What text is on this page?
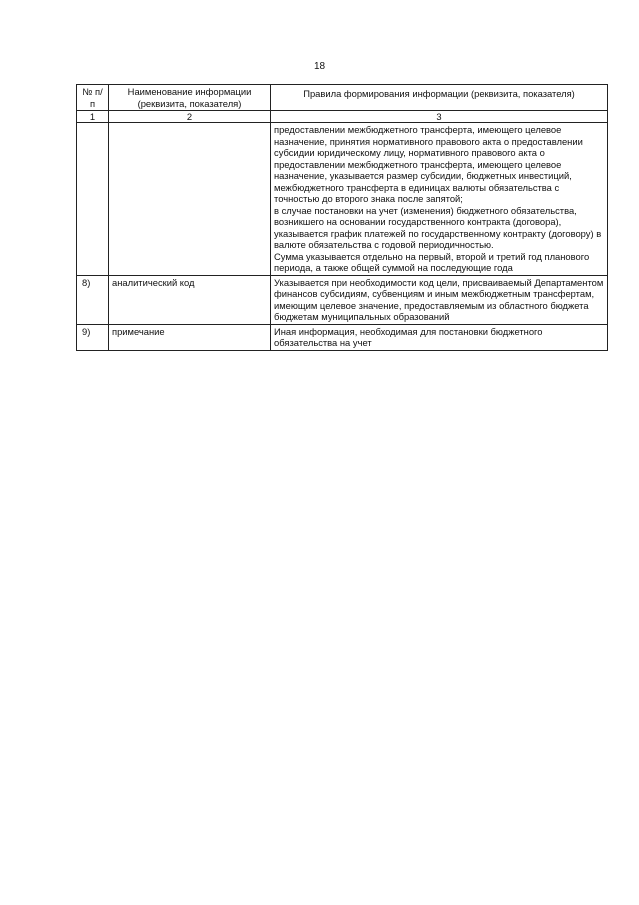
18
№ п/п	Наименование информации (реквизита, показателя)	Правила формирования информации (реквизита, показателя)
1	2	3

		предоставлении межбюджетного трансферта, имеющего целевое назначение, принятия нормативного правового акта о предоставлении субсидии юридическому лицу, нормативного правового акта о предоставлении межбюджетного трансферта, имеющего целевое назначение, указывается размер субсидии, бюджетных инвестиций, межбюджетного трансферта в единицах валюты обязательства с точностью до второго знака после запятой;
в случае постановки на учет (изменения) бюджетного обязательства, возникшего на основании государственного контракта (договора), указывается график платежей по государственному контракту (договору) в валюте обязательства с годовой периодичностью.
Сумма указывается отдельно на первый, второй и третий год планового периода, а также общей суммой на последующие года

8)	аналитический код	Указывается при необходимости код цели, присваиваемый Департаментом финансов субсидиям, субвенциям и иным межбюджетным трансфертам, имеющим целевое значение, предоставляемым из областного бюджета бюджетам муниципальных образований
9)	примечание	Иная информация, необходимая для постановки бюджетного обязательства на учет
